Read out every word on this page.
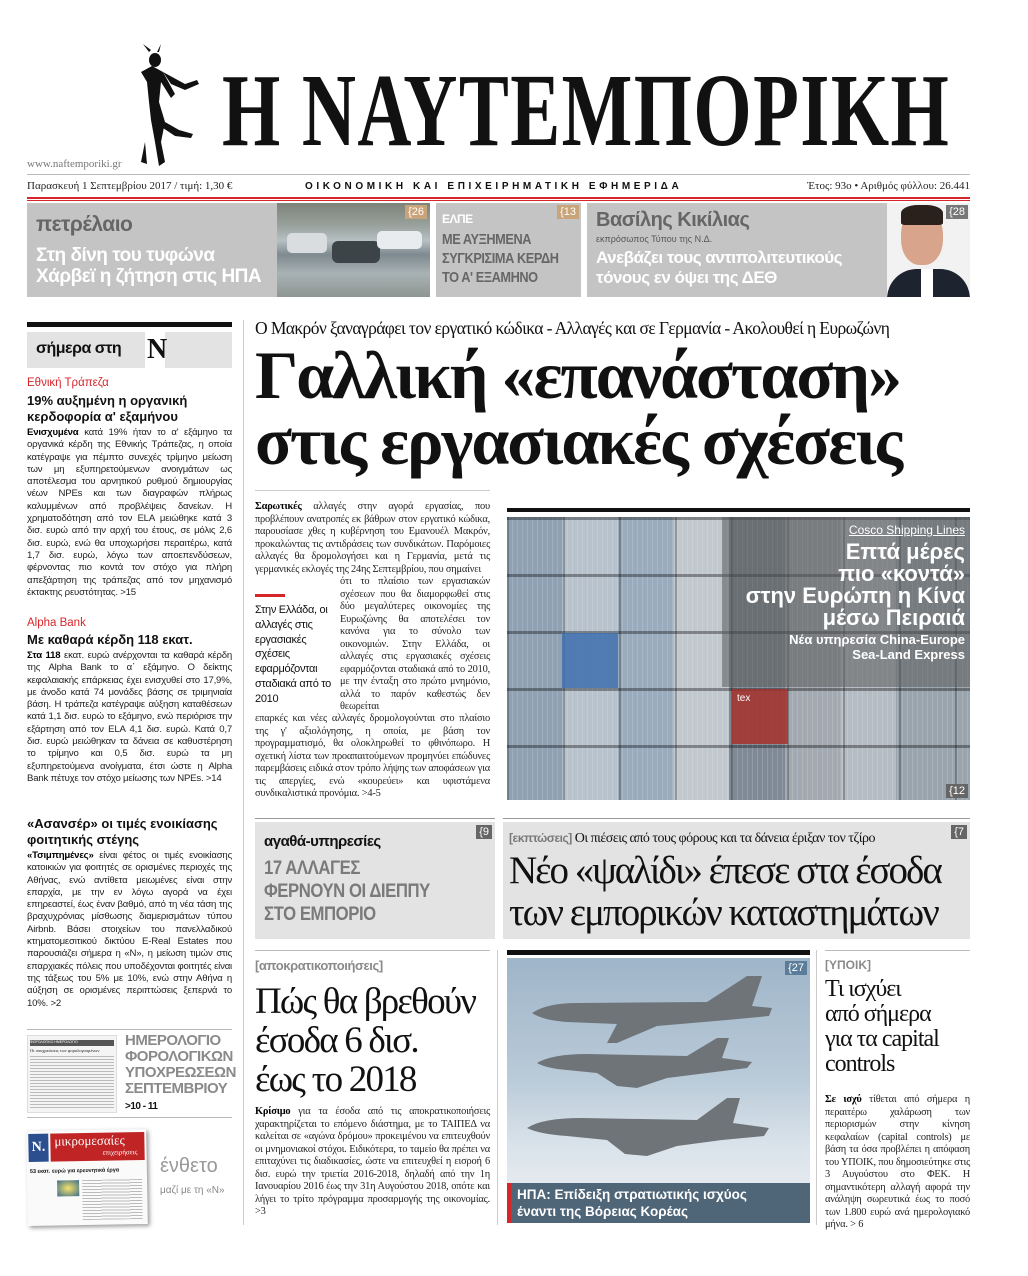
Η ΝΑΥΤΕΜΠΟΡΙΚΗ
www.naftemporiki.gr
Παρασκευή 1 Σεπτεμβρίου 2017 / τιμή: 1,30 €	ΟΙΚΟΝΟΜΙΚΗ ΚΑΙ ΕΠΙΧΕΙΡΗΜΑΤΙΚΗ ΕΦΗΜΕΡΙΔΑ	Έτος: 93ο • Αριθμός φύλλου: 26.441
πετρέλαιο
Στη δίνη του τυφώνα
Χάρβεϊ η ζήτηση στις ΗΠΑ
{26 ΕΛΠΕ	{13
ΜΕ ΑΥΞΗΜΕΝΑ
ΣΥΓΚΡΙΣΙΜΑ ΚΕΡΔΗ
ΤΟ Α' ΕΞΑΜΗΝΟ
Βασίλης Κικίλιας
εκπρόσωπος Τύπου της Ν.Δ.
Ανεβάζει τους αντιπολιτευτικούς
τόνους εν όψει της ΔΕΘ
{28
σήμερα στη N
Εθνική Τράπεζα
19% αυξημένη η οργανική κερδοφορία α' εξαμήνου
Ενισχυμένα κατά 19% ήταν το α' εξάμηνο τα οργανικά κέρδη της Εθνικής Τράπεζας, η οποία κατέγραψε για πέμπτο συνεχές τρίμηνο μείωση των μη εξυπηρετούμενων ανοιγμάτων ως αποτέλεσμα του αρνητικού ρυθμού δημιουργίας νέων NPEs και των διαγραφών πλήρως καλυμμένων από προβλέψεις δανείων. Η χρηματοδότηση από τον ELA μειώθηκε κατά 3 δισ. ευρώ από την αρχή του έτους, σε μόλις 2,6 δισ. ευρώ, ενώ θα υποχωρήσει περαιτέρω, κατά 1,7 δισ. ευρώ, λόγω των αποεπενδύσεων, φέρνοντας πιο κοντά τον στόχο για πλήρη απεξάρτηση της τράπεζας από τον μηχανισμό έκτακτης ρευστότητας. >15
Alpha Bank
Με καθαρά κέρδη 118 εκατ.
Στα 118 εκατ. ευρώ ανέρχονται τα καθαρά κέρδη της Alpha Bank το α΄ εξάμηνο. Ο δείκτης κεφαλαιακής επάρκειας έχει ενισχυθεί στο 17,9%, με άνοδο κατά 74 μονάδες βάσης σε τριμηνιαία βάση. Η τράπεζα κατέγραψε αύξηση καταθέσεων κατά 1,1 δισ. ευρώ το εξάμηνο, ενώ περιόρισε την εξάρτηση από τον ELA 4,1 δισ. ευρώ. Κατά 0,7 δισ. ευρώ μειώθηκαν τα δάνεια σε καθυστέρηση το τρίμηνο και 0,5 δισ. ευρώ τα μη εξυπηρετούμενα ανοίγματα, έτσι ώστε η Alpha Bank πέτυχε τον στόχο μείωσης των NPEs. >14
«Ασανσέρ» οι τιμές ενοικίασης φοιτητικής στέγης
«Τσιμπημένες» είναι φέτος οι τιμές ενοικίασης κατοικιών για φοιτητές σε ορισμένες περιοχές της Αθήνας, ενώ αντίθετα μειωμένες είναι στην επαρχία, με την εν λόγω αγορά να έχει επηρεαστεί, έως έναν βαθμό, από τη νέα τάση της βραχυχρόνιας μίσθωσης διαμερισμάτων τύπου Airbnb. Βάσει στοιχείων του πανελλαδικού κτηματομεσιτικού δικτύου E-Real Estates που παρουσιάζει σήμερα η «Ν», η μείωση τιμών στις επαρχιακές πόλεις που υποδέχονται φοιτητές είναι της τάξεως του 5% με 10%, ενώ στην Αθήνα η αύξηση σε ορισμένες περιπτώσεις ξεπερνά το 10%. >2
ΦΟΡΟΛΟΓΙΚΟ ΗΜΕΡΟΛΟΓΙΟ
Οι υποχρεώσεις των φορολογουμένων
ΗΜΕΡΟΛΟΓΙΟ
ΦΟΡΟΛΟΓΙΚΩΝ
ΥΠΟΧΡΕΩΣΕΩΝ
ΣΕΠΤΕΜΒΡΙΟΥ
>10 - 11
N. μικρομεσαίες
επιχειρήσεις
53 εκατ. ευρώ για ερευνητικά έργα ένθετο
μαζί με τη «Ν»
Ο Μακρόν ξαναγράφει τον εργατικό κώδικα - Αλλαγές και σε Γερμανία - Ακολουθεί η Ευρωζώνη
Γαλλική «επανάσταση»
στις εργασιακές σχέσεις
Σαρωτικές αλλαγές στην αγορά εργασίας, που προβλέπουν ανατροπές εκ βάθρων στον εργατικό κώδικα, παρουσίασε χθες η κυβέρνηση του Εμανουέλ Μακρόν, προκαλώντας τις αντιδράσεις των συνδικάτων. Παρόμοιες αλλαγές θα δρομολογήσει και η Γερμανία, μετά τις γερμανικές εκλογές της 24ης Σεπτεμβρίου, που σημαίνει
Στην Ελλάδα, οι αλλαγές στις εργασιακές σχέσεις εφαρμόζονται σταδιακά από το 2010
ότι το πλαίσιο των εργασιακών σχέσεων που θα διαμορφωθεί στις δύο μεγαλύτερες οικονομίες της Ευρωζώνης θα αποτελέσει τον κανόνα για το σύνολο των οικονομιών. Στην Ελλάδα, οι αλλαγές στις εργασιακές σχέσεις εφαρμόζονται σταδιακά από το 2010, με την ένταξη στο πρώτο μνημόνιο, αλλά το παρόν καθεστώς δεν θεωρείται
επαρκές και νέες αλλαγές δρομολογούνται στο πλαίσιο της γ' αξιολόγησης, η οποία, με βάση τον προγραμματισμό, θα ολοκληρωθεί το φθινόπωρο. Η σχετική λίστα των προαπαιτούμενων προμηνύει επώδυνες παρεμβάσεις ειδικά στον τρόπο λήψης των αποφάσεων για τις απεργίες, ενώ «κουρεύει» και υφιστάμενα συνδικαλιστικά προνόμια. >4-5
tex
Cosco Shipping Lines
Επτά μέρες
πιο «κοντά»
στην Ευρώπη η Κίνα
μέσω Πειραιά
Νέα υπηρεσία China-Europe
Sea-Land Express
{12
{9
αγαθά-υπηρεσίες
17 ΑΛΛΑΓΕΣ
ΦΕΡΝΟΥΝ ΟΙ ΔΙΕΠΠΥ
ΣΤΟ ΕΜΠΟΡΙΟ
{7
[εκπτώσεις] Οι πιέσεις από τους φόρους και τα δάνεια έριξαν τον τζίρο
Νέο «ψαλίδι» έπεσε στα έσοδα
των εμπορικών καταστημάτων
[αποκρατικοποιήσεις]
Πώς θα βρεθούν
έσοδα 6 δισ.
έως το 2018
Κρίσιμο για τα έσοδα από τις αποκρατικοποιήσεις χαρακτηρίζεται το επόμενο διάστημα, με το ΤΑΙΠΕΔ να καλείται σε «αγώνα δρόμου» προκειμένου να επιτευχθούν οι μνημονιακοί στόχοι. Ειδικότερα, το ταμείο θα πρέπει να επιταχύνει τις διαδικασίες, ώστε να επιτευχθεί η εισροή 6 δισ. ευρώ την τριετία 2016-2018, δηλαδή από την 1η Ιανουαρίου 2016 έως την 31η Αυγούστου 2018, οπότε και λήγει το τρίτο πρόγραμμα προσαρμογής της οικονομίας. >3
{27
ΗΠΑ: Επίδειξη στρατιωτικής ισχύος
έναντι της Βόρειας Κορέας
[ΥΠΟΙΚ]
Τι ισχύει
από σήμερα
για τα capital
controls
Σε ισχύ τίθεται από σήμερα η περαιτέρω χαλάρωση των περιορισμών στην κίνηση κεφαλαίων (capital controls) με βάση τα όσα προβλέπει η απόφαση του ΥΠΟΙΚ, που δημοσιεύτηκε στις 3 Αυγούστου στο ΦΕΚ. Η σημαντικότερη αλλαγή αφορά την ανάληψη σωρευτικά έως το ποσό των 1.800 ευρώ ανά ημερολογιακό μήνα. > 6
